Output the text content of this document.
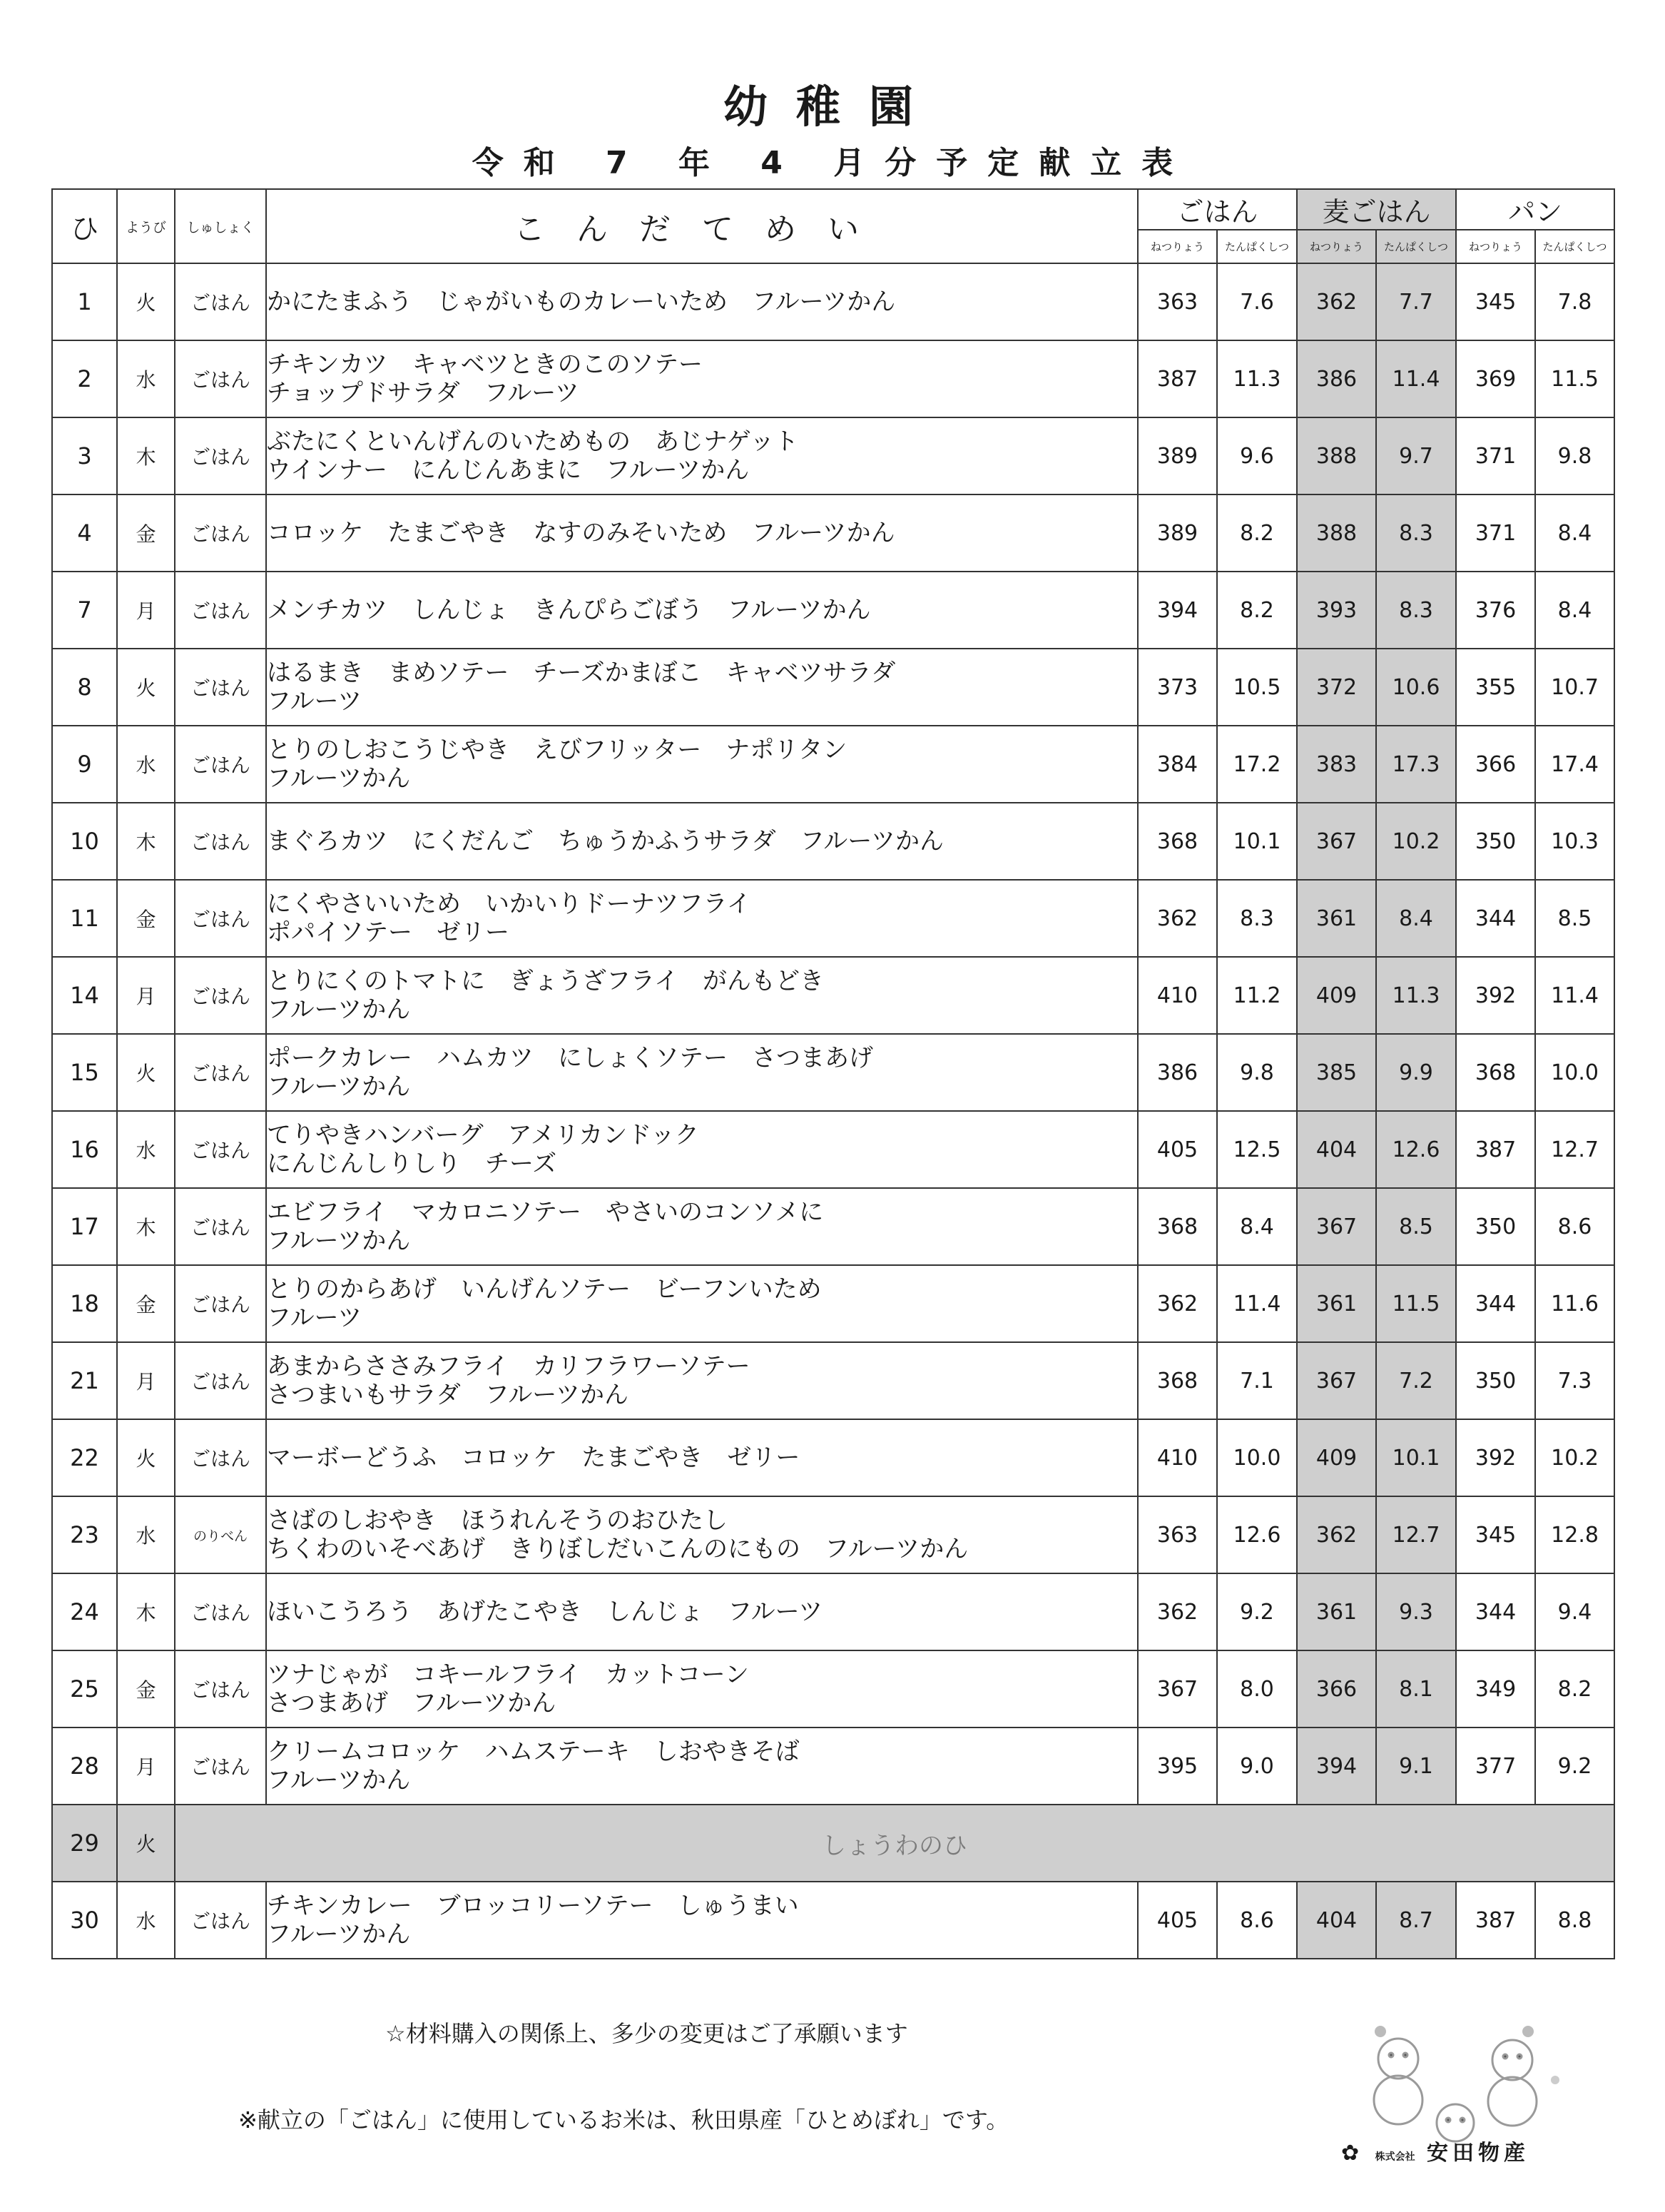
幼稚園
令和 7 年 4 月分予定献立表
ひ	ようび	しゅしょく	こんだてめい	ごはん		麦ごはん		パン	
				ねつりょう	たんぱくしつ	ねつりょう	たんぱくしつ	ねつりょう	たんぱくしつ
1	火	ごはん	かにたまふう　じゃがいものカレーいため　フルーツかん	363	7.6	362	7.7	345	7.8
2	水	ごはん	チキンカツ　キャベツときのこのソテー
チョップドサラダ　フルーツ	387	11.3	386	11.4	369	11.5
3	木	ごはん	ぶたにくといんげんのいためもの　あじナゲット
ウインナー　にんじんあまに　フルーツかん	389	9.6	388	9.7	371	9.8
4	金	ごはん	コロッケ　たまごやき　なすのみそいため　フルーツかん	389	8.2	388	8.3	371	8.4
7	月	ごはん	メンチカツ　しんじょ　きんぴらごぼう　フルーツかん	394	8.2	393	8.3	376	8.4
8	火	ごはん	はるまき　まめソテー　チーズかまぼこ　キャベツサラダ
フルーツ	373	10.5	372	10.6	355	10.7
9	水	ごはん	とりのしおこうじやき　えびフリッター　ナポリタン
フルーツかん	384	17.2	383	17.3	366	17.4
10	木	ごはん	まぐろカツ　にくだんご　ちゅうかふうサラダ　フルーツかん	368	10.1	367	10.2	350	10.3
11	金	ごはん	にくやさいいため　いかいりドーナツフライ
ポパイソテー　ゼリー	362	8.3	361	8.4	344	8.5
14	月	ごはん	とりにくのトマトに　ぎょうざフライ　がんもどき
フルーツかん	410	11.2	409	11.3	392	11.4
15	火	ごはん	ポークカレー　ハムカツ　にしょくソテー　さつまあげ
フルーツかん	386	9.8	385	9.9	368	10.0
16	水	ごはん	てりやきハンバーグ　アメリカンドック
にんじんしりしり　チーズ	405	12.5	404	12.6	387	12.7
17	木	ごはん	エビフライ　マカロニソテー　やさいのコンソメに
フルーツかん	368	8.4	367	8.5	350	8.6
18	金	ごはん	とりのからあげ　いんげんソテー　ビーフンいため
フルーツ	362	11.4	361	11.5	344	11.6
21	月	ごはん	あまからささみフライ　カリフラワーソテー
さつまいもサラダ　フルーツかん	368	7.1	367	7.2	350	7.3
22	火	ごはん	マーボーどうふ　コロッケ　たまごやき　ゼリー	410	10.0	409	10.1	392	10.2
23	水	のりべん	さばのしおやき　ほうれんそうのおひたし
ちくわのいそべあげ　きりぼしだいこんのにもの　フルーツかん	363	12.6	362	12.7	345	12.8
24	木	ごはん	ほいこうろう　あげたこやき　しんじょ　フルーツ	362	9.2	361	9.3	344	9.4
25	金	ごはん	ツナじゃが　コキールフライ　カットコーン
さつまあげ　フルーツかん	367	8.0	366	8.1	349	8.2
28	月	ごはん	クリームコロッケ　ハムステーキ　しおやきそば
フルーツかん	395	9.0	394	9.1	377	9.2
29	火	しょうわのひ							
30	水	ごはん	チキンカレー　ブロッコリーソテー　しゅうまい
フルーツかん	405	8.6	404	8.7	387	8.8
☆材料購入の関係上、多少の変更はご了承願います
※献立の「ごはん」に使用しているお米は、秋田県産「ひとめぼれ」です。
✿ 株式会社 安田物産
